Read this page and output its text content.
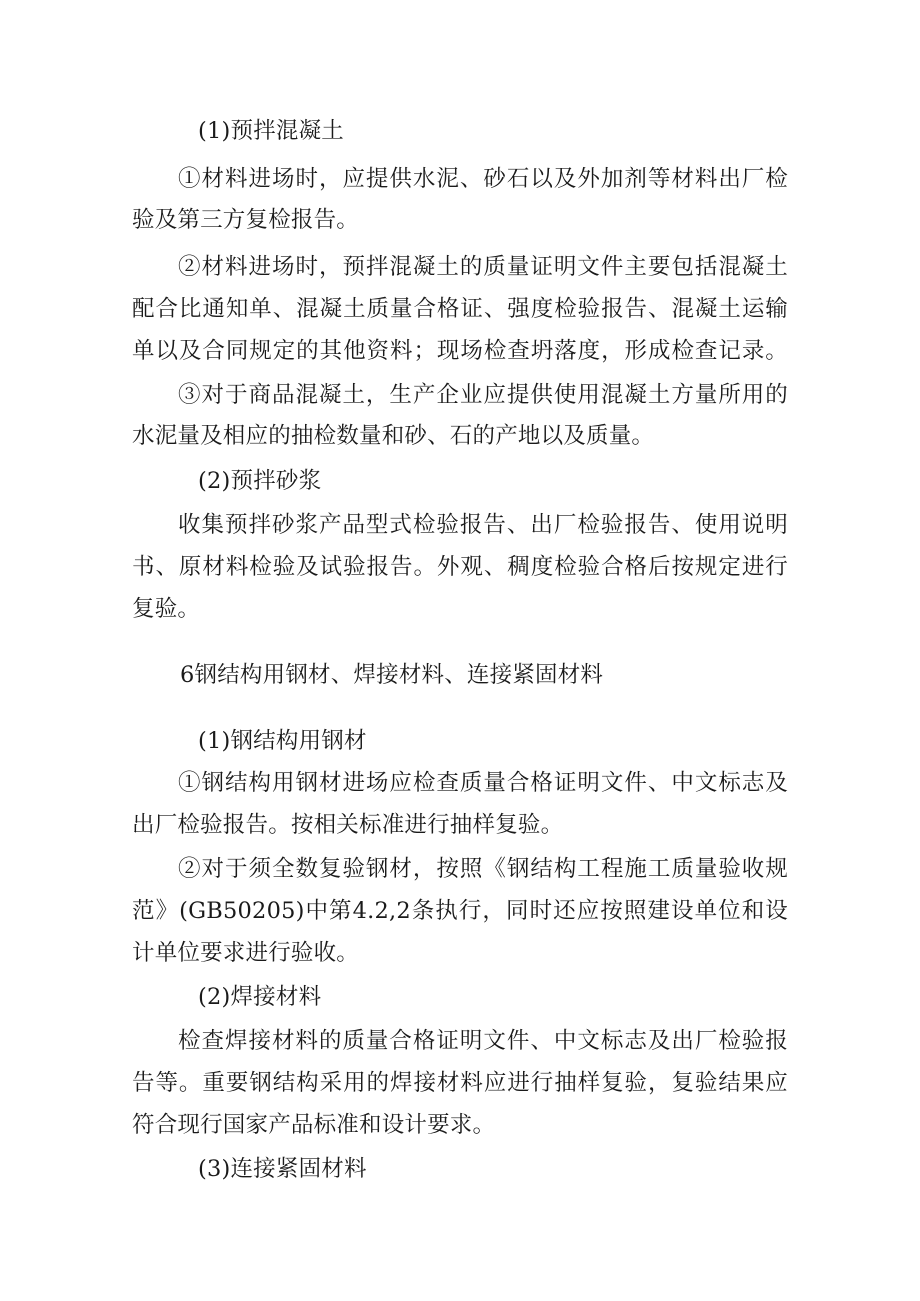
(1)预拌混凝土
①材料进场时，应提供水泥、砂石以及外加剂等材料出厂检
验及第三方复检报告。
②材料进场时，预拌混凝土的质量证明文件主要包括混凝土
配合比通知单、混凝土质量合格证、强度检验报告、混凝土运输
单以及合同规定的其他资料；现场检查坍落度，形成检查记录。
③对于商品混凝土，生产企业应提供使用混凝土方量所用的
水泥量及相应的抽检数量和砂、石的产地以及质量。
(2)预拌砂浆
收集预拌砂浆产品型式检验报告、出厂检验报告、使用说明
书、原材料检验及试验报告。外观、稠度检验合格后按规定进行
复验。
6钢结构用钢材、焊接材料、连接紧固材料
(1)钢结构用钢材
①钢结构用钢材进场应检查质量合格证明文件、中文标志及
出厂检验报告。按相关标准进行抽样复验。
②对于须全数复验钢材，按照《钢结构工程施工质量验收规
范》(GB50205)中第4.2,2条执行，同时还应按照建设单位和设
计单位要求进行验收。
(2)焊接材料
检查焊接材料的质量合格证明文件、中文标志及出厂检验报
告等。重要钢结构采用的焊接材料应进行抽样复验，复验结果应
符合现行国家产品标准和设计要求。
(3)连接紧固材料
